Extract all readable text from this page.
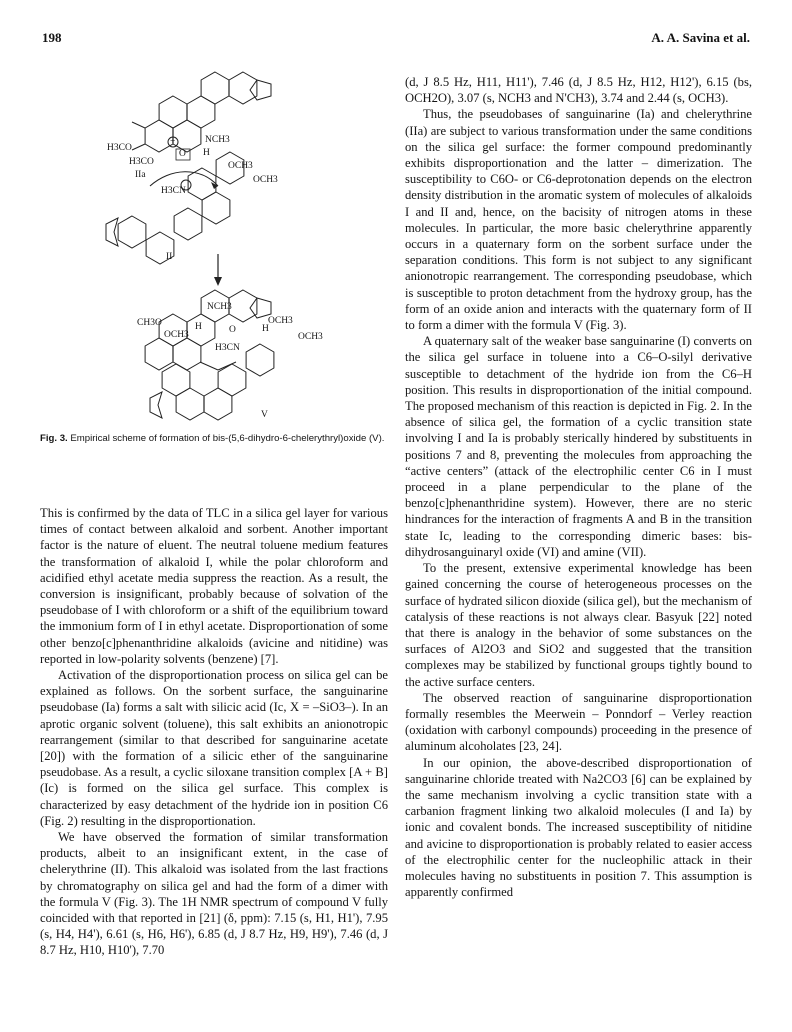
198	A. A. Savina et al.
NCH3
H3CO
H3CO
H
+
O
OCH3
OCH3
IIa
H3CN
II
NCH3
CH3O
OCH3
OCH3
OCH3
H	H
O
H3CN
V
Fig. 3. Empirical scheme of formation of bis-(5,6-dihydro-6-chelerythryl)oxide (V).

This is confirmed by the data of TLC in a silica gel layer for various times of contact between alkaloid and sorbent. Another important factor is the nature of eluent. The neutral toluene medium features the transformation of alkaloid I, while the polar chloroform and acidified ethyl acetate media suppress the reaction. As a result, the conversion is insignificant, probably because of solvation of the pseudobase of I with chloroform or a shift of the equilibrium toward the immonium form of I in ethyl acetate. Disproportionation of some other benzo[c]phenanthridine alkaloids (avicine and nitidine) was reported in low-polarity solvents (benzene) [7].

Activation of the disproportionation process on silica gel can be explained as follows. On the sorbent surface, the sanguinarine pseudobase (Ia) forms a salt with silicic acid (Ic, X = –SiO3–). In an aprotic organic solvent (toluene), this salt exhibits an anionotropic rearrangement (similar to that described for sanguinarine acetate [20]) with the formation of a silicic ether of the sanguinarine pseudobase. As a result, a cyclic siloxane transition complex [A + B] (Ic) is formed on the silica gel surface. This complex is characterized by easy detachment of the hydride ion in position C6 (Fig. 2) resulting in the disproportionation.

We have observed the formation of similar transformation products, albeit to an insignificant extent, in the case of chelerythrine (II). This alkaloid was isolated from the last fractions by chromatography on silica gel and had the form of a dimer with the formula V (Fig. 3). The 1H NMR spectrum of compound V fully coincided with that reported in [21] (δ, ppm): 7.15 (s, H1, H1'), 7.95 (s, H4, H4'), 6.61 (s, H6, H6'), 6.85 (d, J 8.7 Hz, H9, H9'), 7.46 (d, J 8.7 Hz, H10, H10'), 7.70

(d, J 8.5 Hz, H11, H11'), 7.46 (d, J 8.5 Hz, H12, H12'), 6.15 (bs, OCH2O), 3.07 (s, NCH3 and N'CH3), 3.74 and 2.44 (s, OCH3).

Thus, the pseudobases of sanguinarine (Ia) and chelerythrine (IIa) are subject to various transformation under the same conditions on the silica gel surface: the former compound predominantly exhibits disproportionation and the latter – dimerization. The susceptibility to C6O- or C6-deprotonation depends on the electron density distribution in the aromatic system of molecules of alkaloids I and II and, hence, on the bacisity of nitrogen atoms in these molecules. In particular, the more basic chelerythrine apparently occurs in a quaternary form on the sorbent surface under the separation conditions. This form is not subject to any significant anionotropic rearrangement. The corresponding pseudobase, which is susceptible to proton detachment from the hydroxy group, has the form of an oxide anion and interacts with the quaternary form of II to form a dimer with the formula V (Fig. 3).

A quaternary salt of the weaker base sanguinarine (I) converts on the silica gel surface in toluene into a C6–O-silyl derivative susceptible to detachment of the hydride ion from the C6–H position. This results in disproportionation of the initial compound. The proposed mechanism of this reaction is depicted in Fig. 2. In the absence of silica gel, the formation of a cyclic transition state involving I and Ia is probably sterically hindered by substituents in positions 7 and 8, preventing the molecules from approaching the “active centers” (attack of the electrophilic center C6 in I must proceed in a plane perpendicular to the plane of the benzo[c]phenanthridine system). However, there are no steric hindrances for the interaction of fragments A and B in the transition state Ic, leading to the corresponding dimeric bases: bis-dihydrosanguinaryl oxide (VI) and amine (VII).

To the present, extensive experimental knowledge has been gained concerning the course of heterogeneous processes on the surface of hydrated silicon dioxide (silica gel), but the mechanism of catalysis of these reactions is not always clear. Basyuk [22] noted that there is analogy in the behavior of some substances on the surfaces of Al2O3 and SiO2 and suggested that the transition complexes may be stabilized by functional groups tightly bound to the active surface centers.

The observed reaction of sanguinarine disproportionation formally resembles the Meerwein – Ponndorf – Verley reaction (oxidation with carbonyl compounds) proceeding in the presence of aluminum alcoholates [23, 24].

In our opinion, the above-described disproportionation of sanguinarine chloride treated with Na2CO3 [6] can be explained by the same mechanism involving a cyclic transition state with a carbanion fragment linking two alkaloid molecules (I and Ia) by ionic and covalent bonds. The increased susceptibility of nitidine and avicine to disproportionation is probably related to easier access of the electrophilic center for the nucleophilic attack in their molecules having no substituents in position 7. This assumption is apparently confirmed
